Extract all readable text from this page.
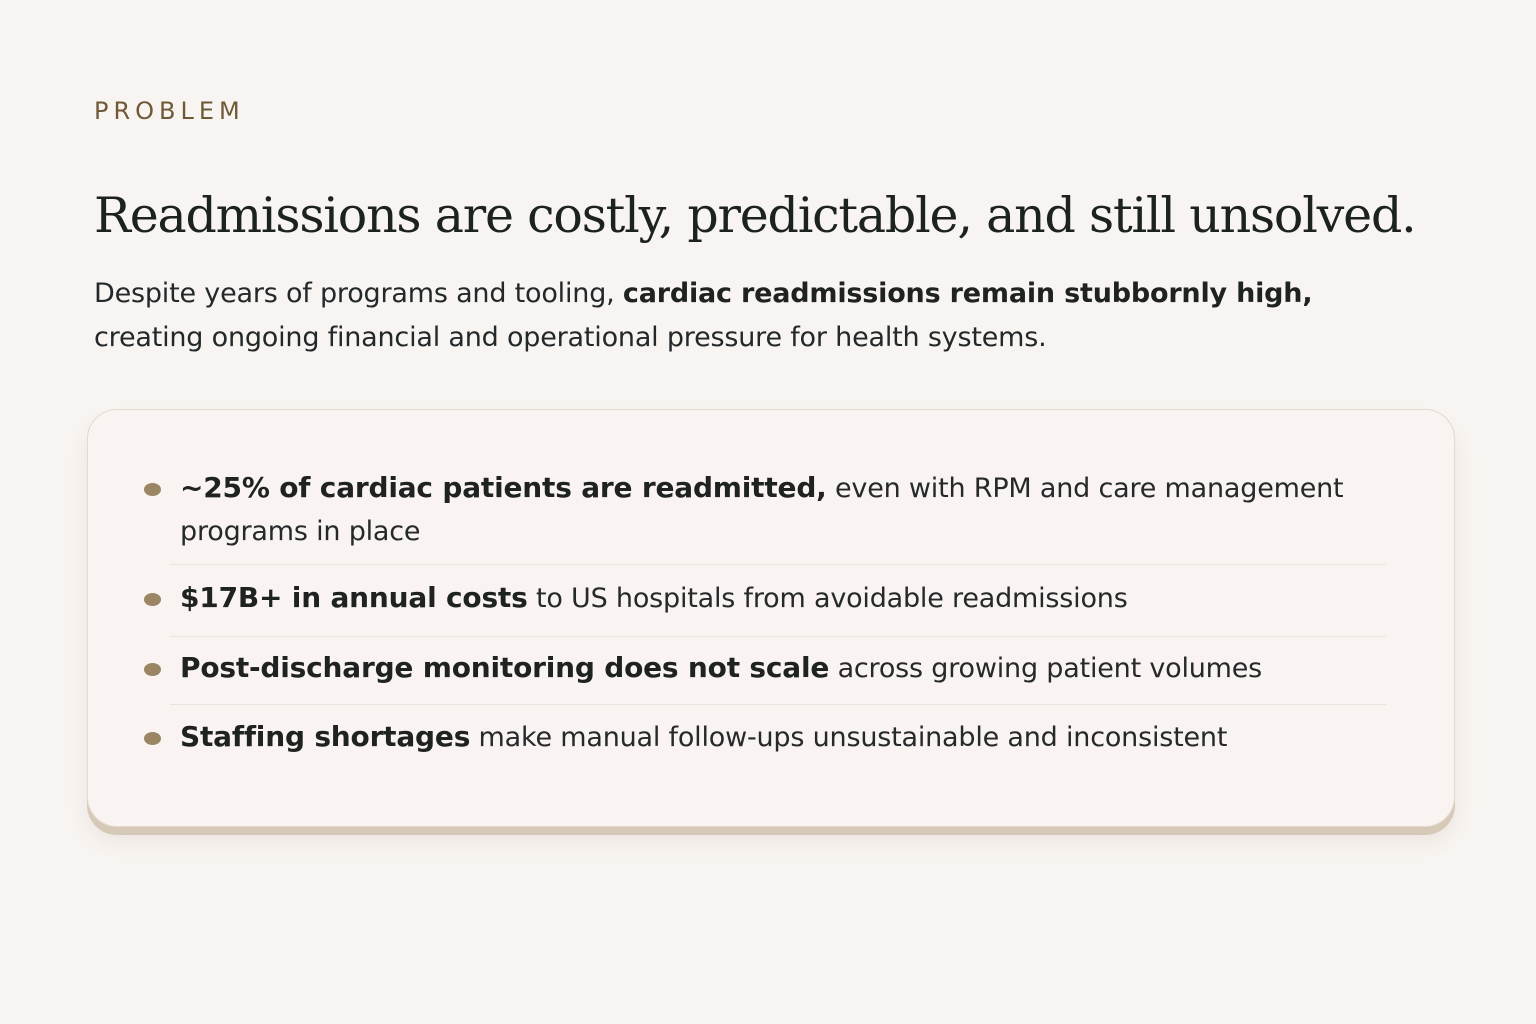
PROBLEM

Readmissions are costly, predictable, and still unsolved.

Despite years of programs and tooling, cardiac readmissions remain stubbornly high, creating ongoing financial and operational pressure for health systems.

~25% of cardiac patients are readmitted, even with RPM and care management programs in place
$17B+ in annual costs to US hospitals from avoidable readmissions
Post-discharge monitoring does not scale across growing patient volumes
Staffing shortages make manual follow-ups unsustainable and inconsistent
